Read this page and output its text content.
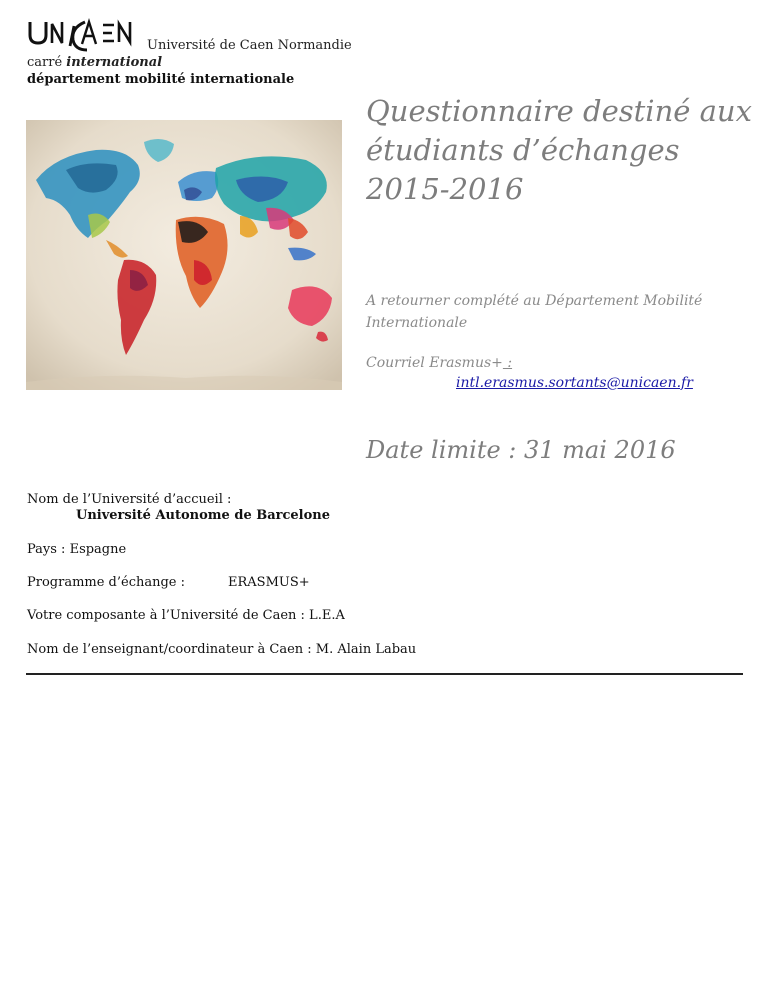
Université de Caen Normandie
carré international
département mobilité internationale
Questionnaire destiné aux
étudiants d’échanges
2015-2016
A retourner complété au Département Mobilité Internationale
Courriel Erasmus+ :
intl.erasmus.sortants@unicaen.fr
Date limite : 31 mai 2016
Nom de l’Université d’accueil :
Université Autonome de Barcelone
Pays : Espagne
Programme d’échange :	ERASMUS+
Votre composante à l’Université de Caen : L.E.A
Nom de l’enseignant/coordinateur à Caen : M. Alain Labau
